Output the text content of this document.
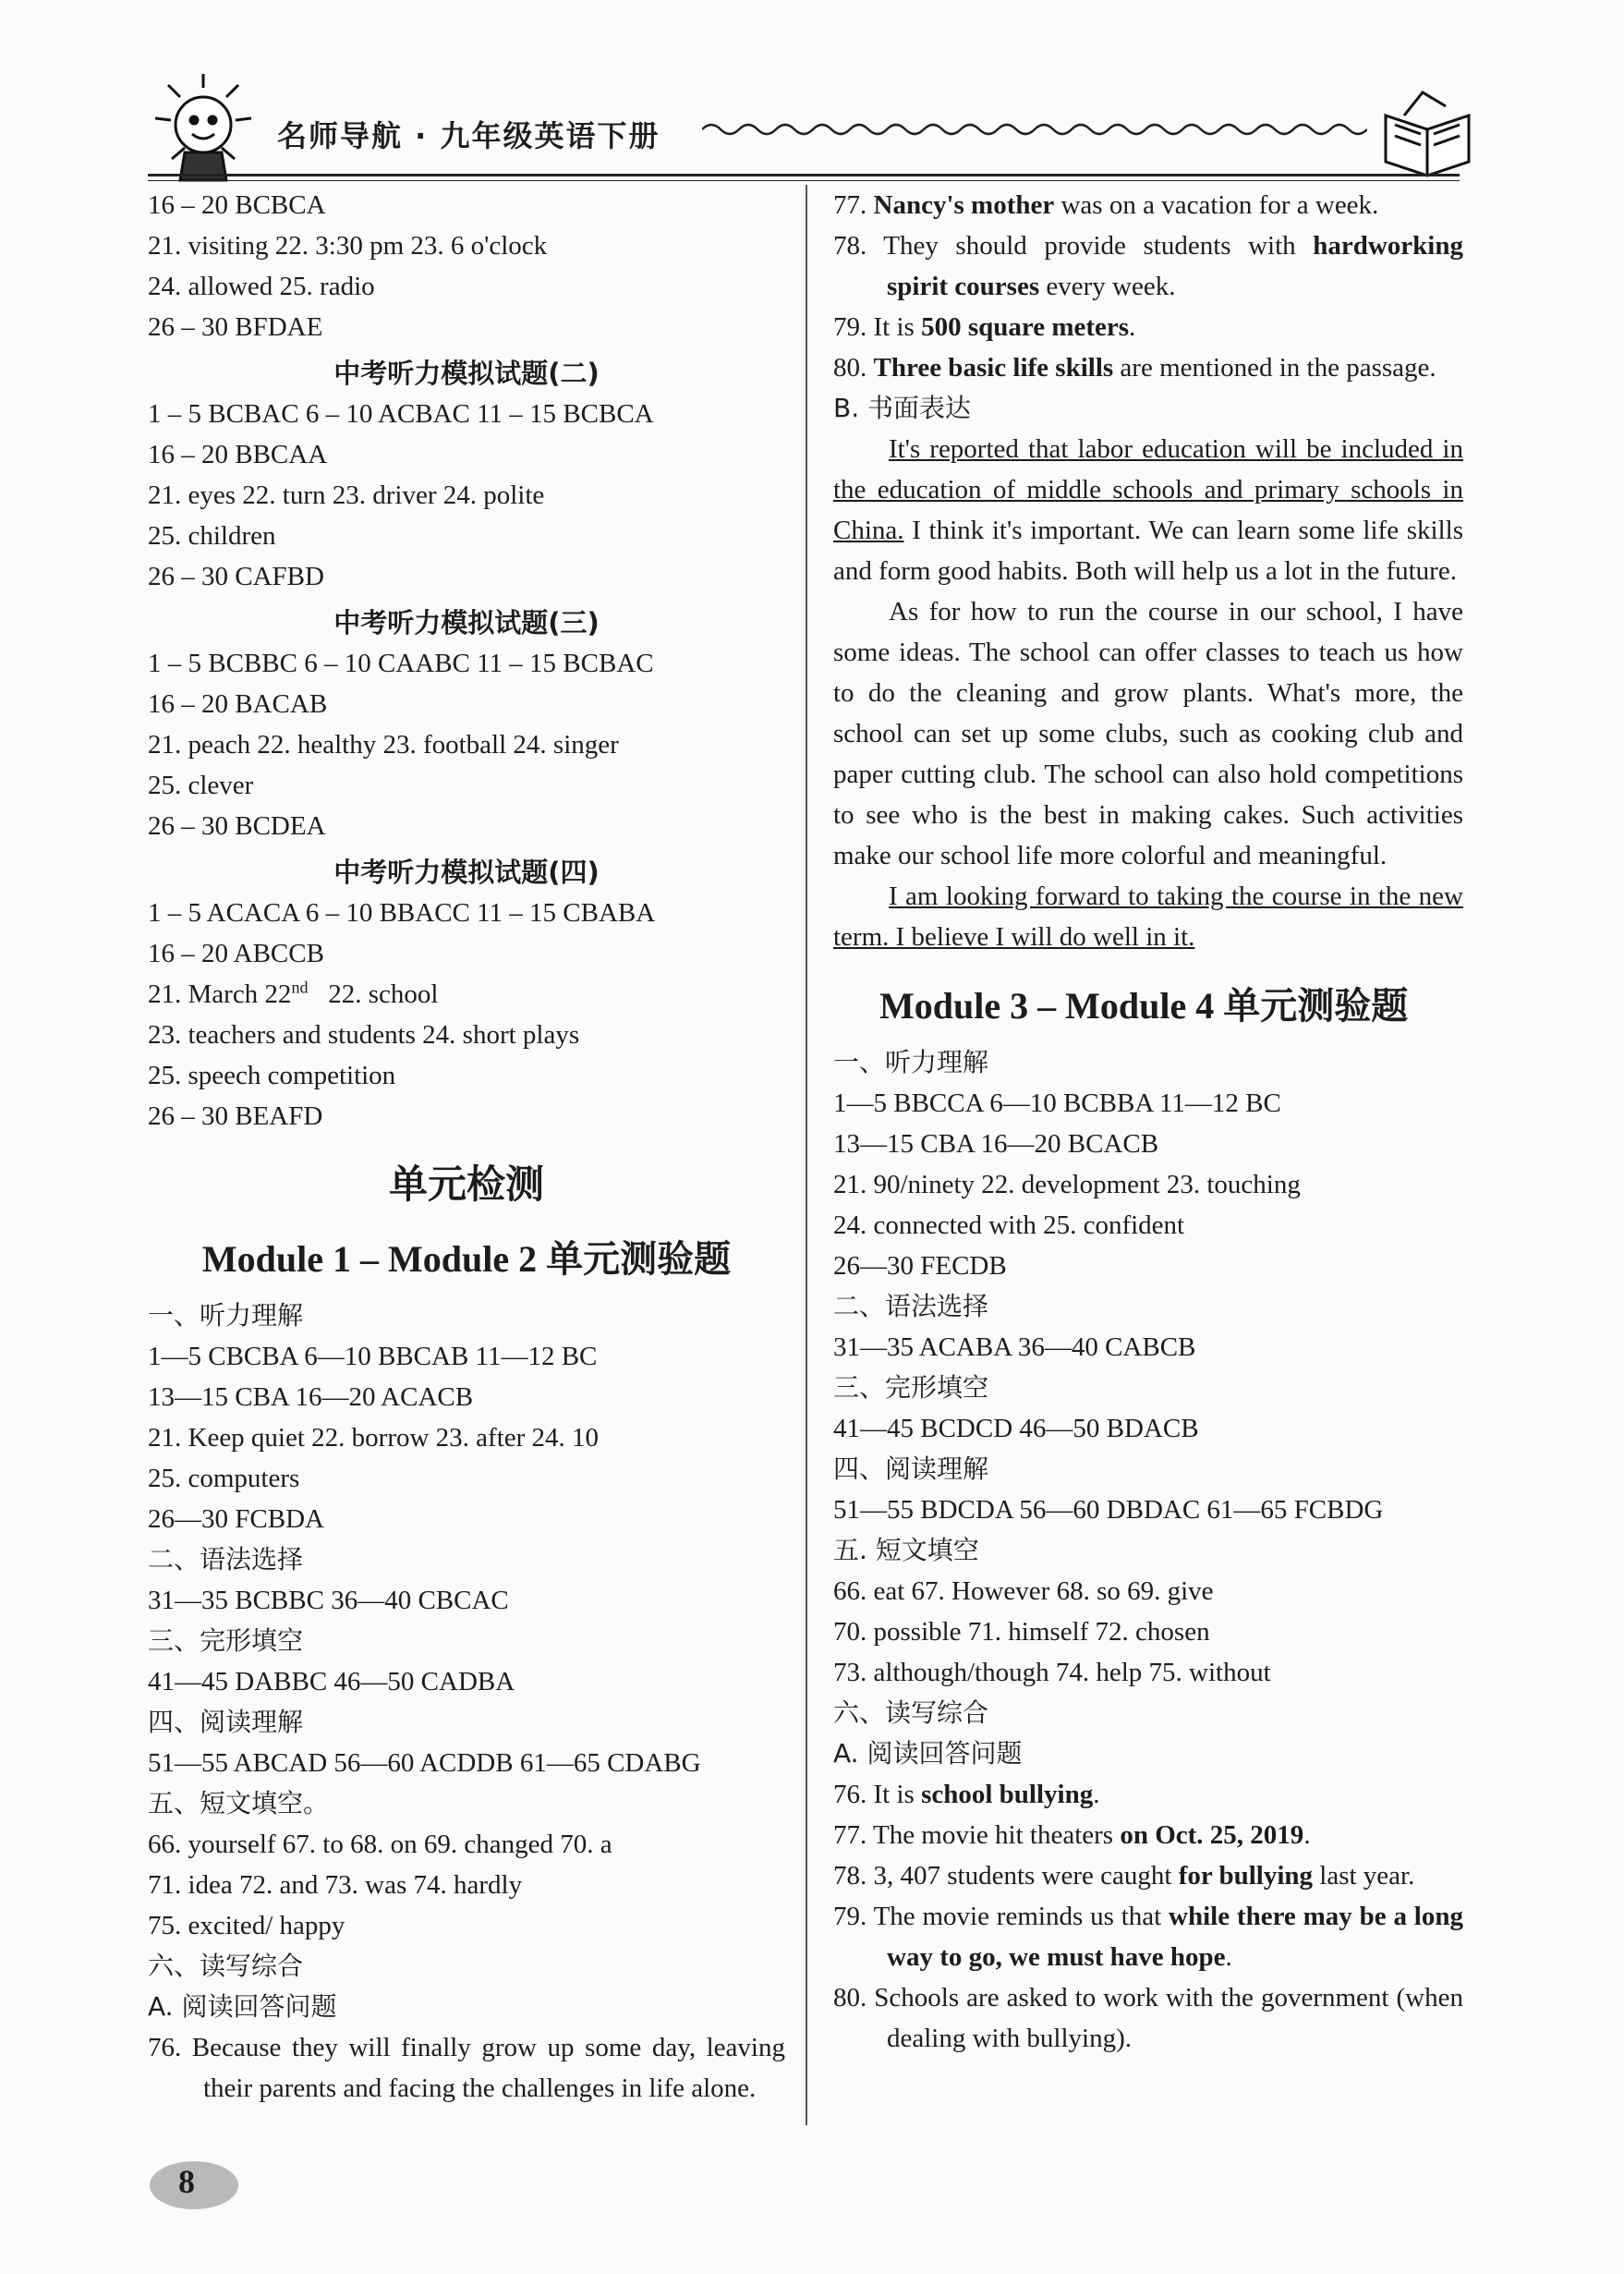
名师导航 · 九年级英语下册
16 – 20 BCBCA
21. visiting 22. 3:30 pm 23. 6 o'clock
24. allowed 25. radio
26 – 30 BFDAE
中考听力模拟试题(二)
1 – 5 BCBAC 6 – 10 ACBAC 11 – 15 BCBCA
16 – 20 BBCAA
21. eyes 22. turn 23. driver 24. polite
25. children
26 – 30 CAFBD
中考听力模拟试题(三)
1 – 5 BCBBC 6 – 10 CAABC 11 – 15 BCBAC
16 – 20 BACAB
21. peach 22. healthy 23. football 24. singer
25. clever
26 – 30 BCDEA
中考听力模拟试题(四)
1 – 5 ACACA 6 – 10 BBACC 11 – 15 CBABA
16 – 20 ABCCB
21. March 22nd   22. school
23. teachers and students 24. short plays
25. speech competition
26 – 30 BEAFD
单元检测
Module 1 – Module 2 单元测验题
一、听力理解
1—5 CBCBA 6—10 BBCAB 11—12 BC
13—15 CBA 16—20 ACACB
21. Keep quiet 22. borrow 23. after 24. 10
25. computers
26—30 FCBDA
二、语法选择
31—35 BCBBC 36—40 CBCAC
三、完形填空
41—45 DABBC 46—50 CADBA
四、阅读理解
51—55 ABCAD 56—60 ACDDB 61—65 CDABG
五、短文填空。
66. yourself 67. to 68. on 69. changed 70. a
71. idea 72. and 73. was 74. hardly
75. excited/ happy
六、读写综合
A. 阅读回答问题
76. Because they will finally grow up some day, leaving their parents and facing the challenges in life alone.
77. Nancy's mother was on a vacation for a week.
78. They should provide students with hardworking spirit courses every week.
79. It is 500 square meters.
80. Three basic life skills are mentioned in the passage.
B. 书面表达
It's reported that labor education will be included in the education of middle schools and primary schools in China. I think it's important. We can learn some life skills and form good habits. Both will help us a lot in the future.
As for how to run the course in our school, I have some ideas. The school can offer classes to teach us how to do the cleaning and grow plants. What's more, the school can set up some clubs, such as cooking club and paper cutting club. The school can also hold competitions to see who is the best in making cakes. Such activities make our school life more colorful and meaningful.
I am looking forward to taking the course in the new term. I believe I will do well in it.
Module 3 – Module 4 单元测验题
一、听力理解
1—5 BBCCA 6—10 BCBBA 11—12 BC
13—15 CBA 16—20 BCACB
21. 90/ninety 22. development 23. touching
24. connected with 25. confident
26—30 FECDB
二、语法选择
31—35 ACABA 36—40 CABCB
三、完形填空
41—45 BCDCD 46—50 BDACB
四、阅读理解
51—55 BDCDA 56—60 DBDAC 61—65 FCBDG
五. 短文填空
66. eat 67. However 68. so 69. give
70. possible 71. himself 72. chosen
73. although/though 74. help 75. without
六、读写综合
A. 阅读回答问题
76. It is school bullying.
77. The movie hit theaters on Oct. 25, 2019.
78. 3, 407 students were caught for bullying last year.
79. The movie reminds us that while there may be a long way to go, we must have hope.
80. Schools are asked to work with the government (when dealing with bullying).
8
